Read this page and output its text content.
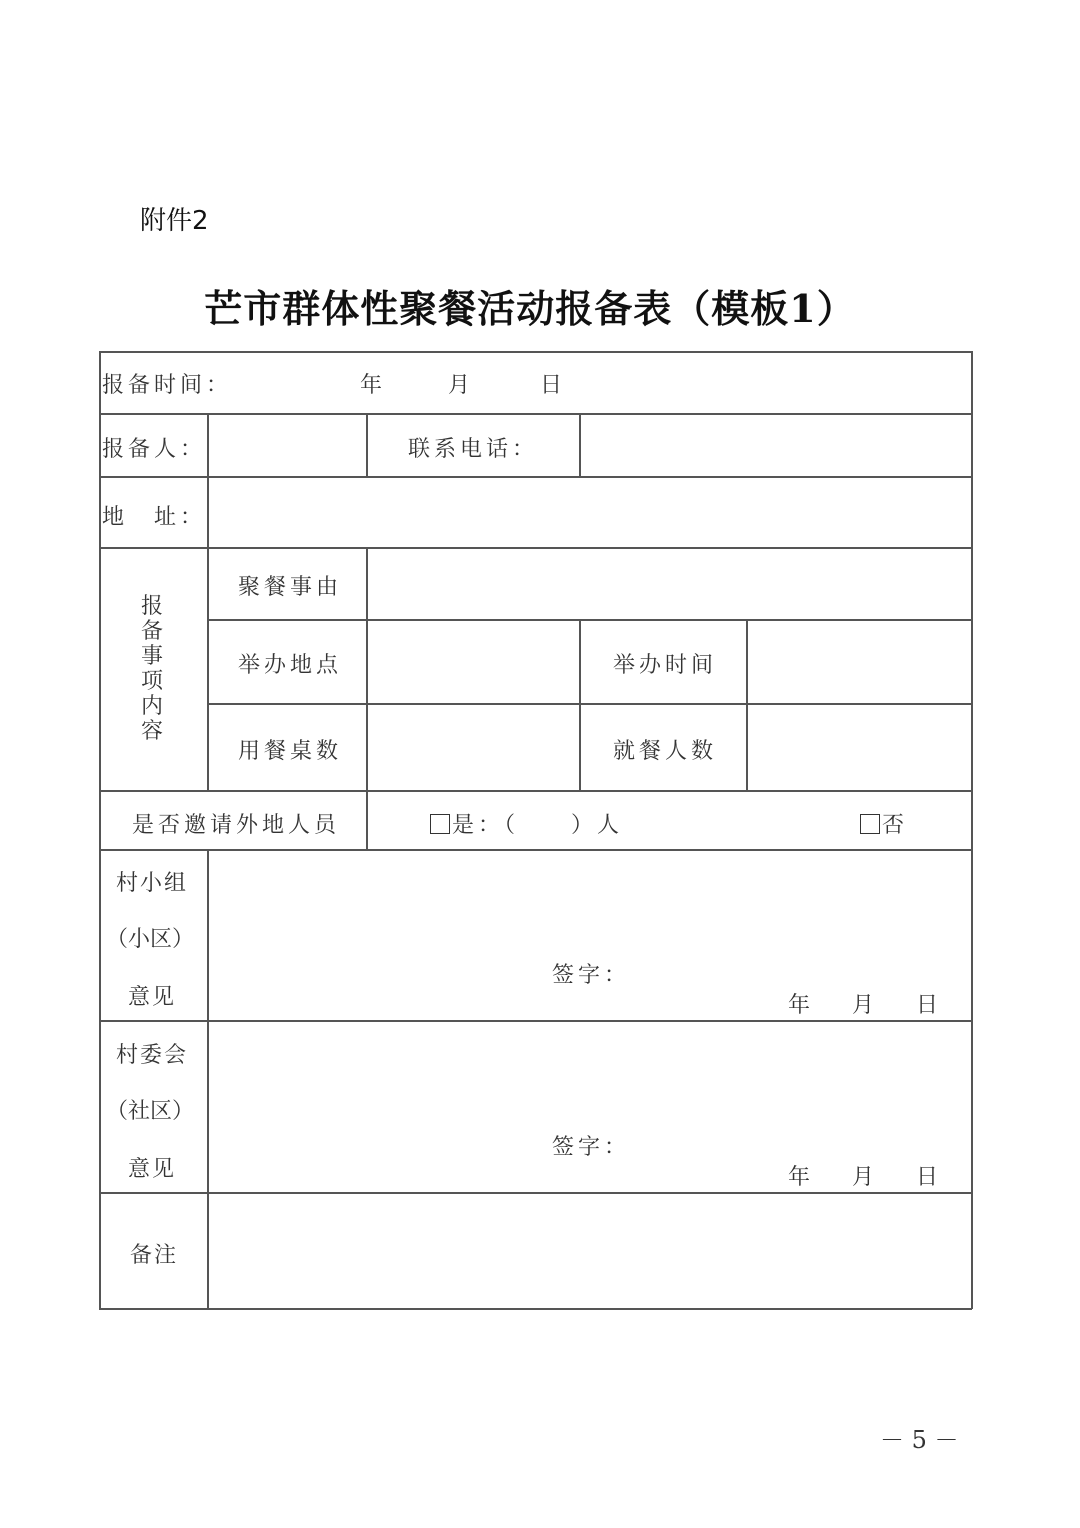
附件2
芒市群体性聚餐活动报备表（模板1）
报备时间：	年	月	日
报备人：	联系电话：
地　址：
报备事项内容
聚餐事由
举办地点	举办时间
用餐桌数	就餐人数
是否邀请外地人员	是：（　　）人	否
村小组
（小区）
意见
签字：
年 月 日
村委会
（社区）
意见
签字：
年 月 日
备注
－ 5 －
